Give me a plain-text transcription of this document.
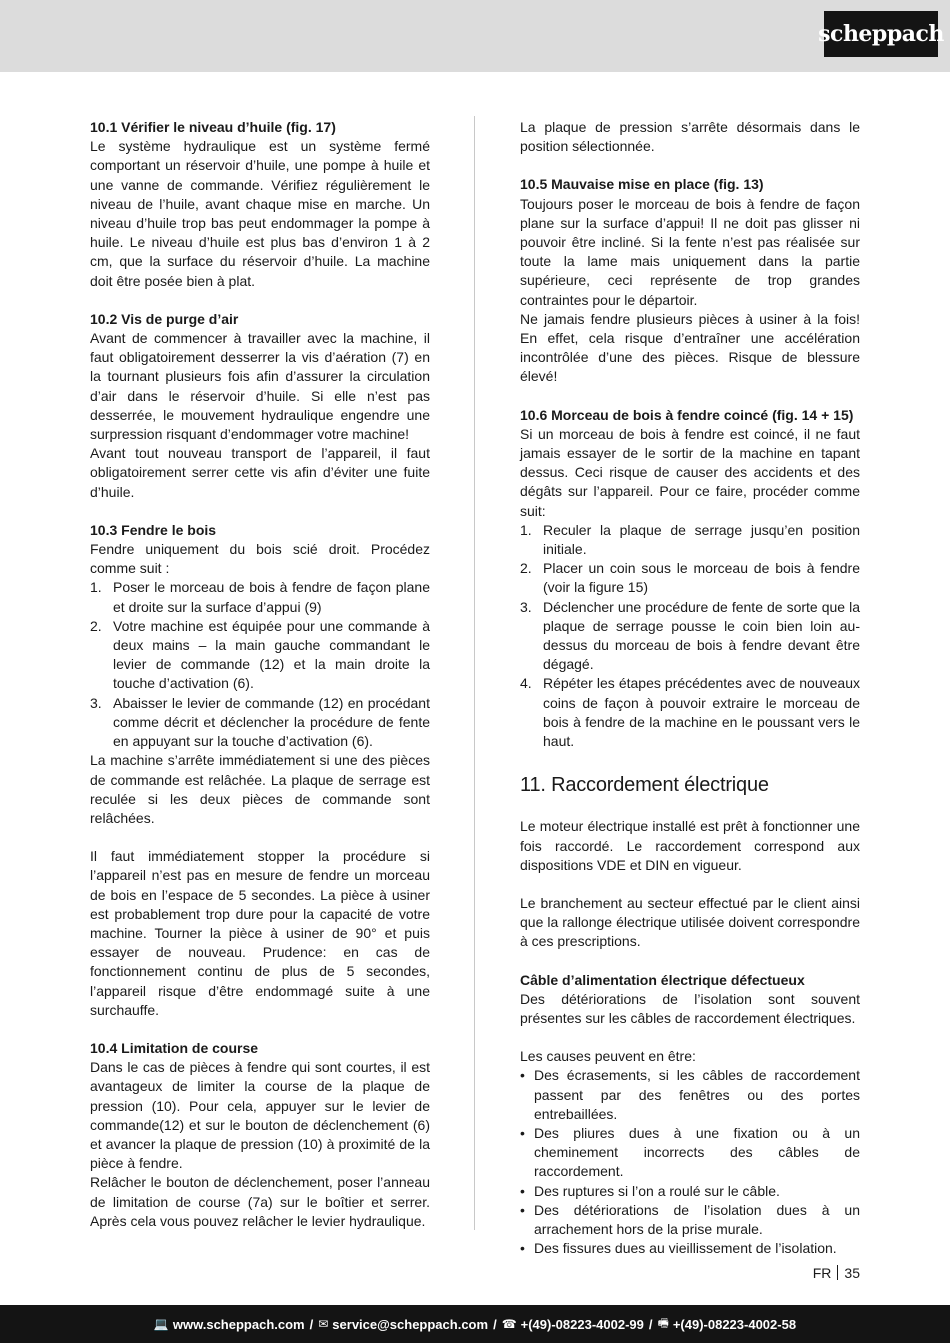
scheppach
10.1 Vérifier le niveau d’huile (fig. 17)

Le système hydraulique est un système fermé comportant un réservoir d’huile, une pompe à huile et une vanne de commande. Vérifiez régulièrement le niveau de l’huile, avant chaque mise en marche. Un niveau d’huile trop bas peut endommager la pompe à huile. Le niveau d’huile est plus bas d’environ 1 à 2 cm, que la surface du réservoir d’huile. La machine doit être posée bien à plat.

10.2 Vis de purge d’air

Avant de commencer à travailler avec la machine, il faut obligatoirement desserrer la vis d’aération (7) en la tournant plusieurs fois afin d’assurer la circulation d’air dans le réservoir d’huile. Si elle n’est pas desserrée, le mouvement hydraulique engendre une surpression risquant d’endommager votre machine!

Avant tout nouveau transport de l’appareil, il faut obligatoirement serrer cette vis afin d’éviter une fuite d’huile.

10.3 Fendre le bois

Fendre uniquement du bois scié droit. Procédez comme suit :

1. Poser le morceau de bois à fendre de façon plane et droite sur la surface d’appui (9)
2. Votre machine est équipée pour une commande à deux mains – la main gauche commandant le levier de commande (12) et la main droite la touche d’activation (6).
3. Abaisser le levier de commande (12) en procédant comme décrit et déclencher la procédure de fente en appuyant sur la touche d’activation (6).

La machine s’arrête immédiatement si une des pièces de commande est relâchée. La plaque de serrage est reculée si les deux pièces de commande sont relâchées.

Il faut immédiatement stopper la procédure si l’appareil n’est pas en mesure de fendre un morceau de bois en l’espace de 5 secondes. La pièce à usiner est probablement trop dure pour la capacité de votre machine. Tourner la pièce à usiner de 90° et puis essayer de nouveau. Prudence: en cas de fonctionnement continu de plus de 5 secondes, l’appareil risque d’être endommagé suite à une surchauffe.

10.4 Limitation de course

Dans le cas de pièces à fendre qui sont courtes, il est avantageux de limiter la course de la plaque de pression (10). Pour cela, appuyer sur le levier de commande(12) et sur le bouton de déclenchement (6) et avancer la plaque de pression (10) à proximité de la pièce à fendre.

Relâcher le bouton de déclenchement, poser l’anneau de limitation de course (7a) sur le boîtier et serrer. Après cela vous pouvez relâcher le levier hydraulique.

La plaque de pression s’arrête désormais dans le position sélectionnée.

10.5 Mauvaise mise en place (fig. 13)

Toujours poser le morceau de bois à fendre de façon plane sur la surface d’appui! Il ne doit pas glisser ni pouvoir être incliné. Si la fente n’est pas réalisée sur toute la lame mais uniquement dans la partie supérieure, ceci représente de trop grandes contraintes pour le départoir.

Ne jamais fendre plusieurs pièces à usiner à la fois! En effet, cela risque d’entraîner une accélération incontrôlée d’une des pièces. Risque de blessure élevé!

10.6 Morceau de bois à fendre coincé (fig. 14 + 15)

Si un morceau de bois à fendre est coincé, il ne faut jamais essayer de le sortir de la machine en tapant dessus. Ceci risque de causer des accidents et des dégâts sur l’appareil. Pour ce faire, procéder comme suit:

1. Reculer la plaque de serrage jusqu’en position initiale.
2. Placer un coin sous le morceau de bois à fendre (voir la figure 15)
3. Déclencher une procédure de fente de sorte que la plaque de serrage pousse le coin bien loin au-dessus du morceau de bois à fendre devant être dégagé.
4. Répéter les étapes précédentes avec de nouveaux coins de façon à pouvoir extraire le morceau de bois à fendre de la machine en le poussant vers le haut.
11. Raccordement électrique

Le moteur électrique installé est prêt à fonctionner une fois raccordé. Le raccordement correspond aux dispositions VDE et DIN en vigueur.

Le branchement au secteur effectué par le client ainsi que la rallonge électrique utilisée doivent correspondre à ces prescriptions.

Câble d’alimentation électrique défectueux

Des détériorations de l’isolation sont souvent présentes sur les câbles de raccordement électriques.

Les causes peuvent en être:

• Des écrasements, si les câbles de raccordement passent par des fenêtres ou des portes entrebaillées.
• Des pliures dues à une fixation ou à un cheminement incorrects des câbles de raccordement.
• Des ruptures si l’on a roulé sur le câble.
• Des détériorations de l’isolation dues à un arrachement hors de la prise murale.
• Des fissures dues au vieillissement de l’isolation.
FR 35
💻 www.scheppach.com / ✉ service@scheppach.com / ☎ +(49)-08223-4002-99 / 🖷 +(49)-08223-4002-58
